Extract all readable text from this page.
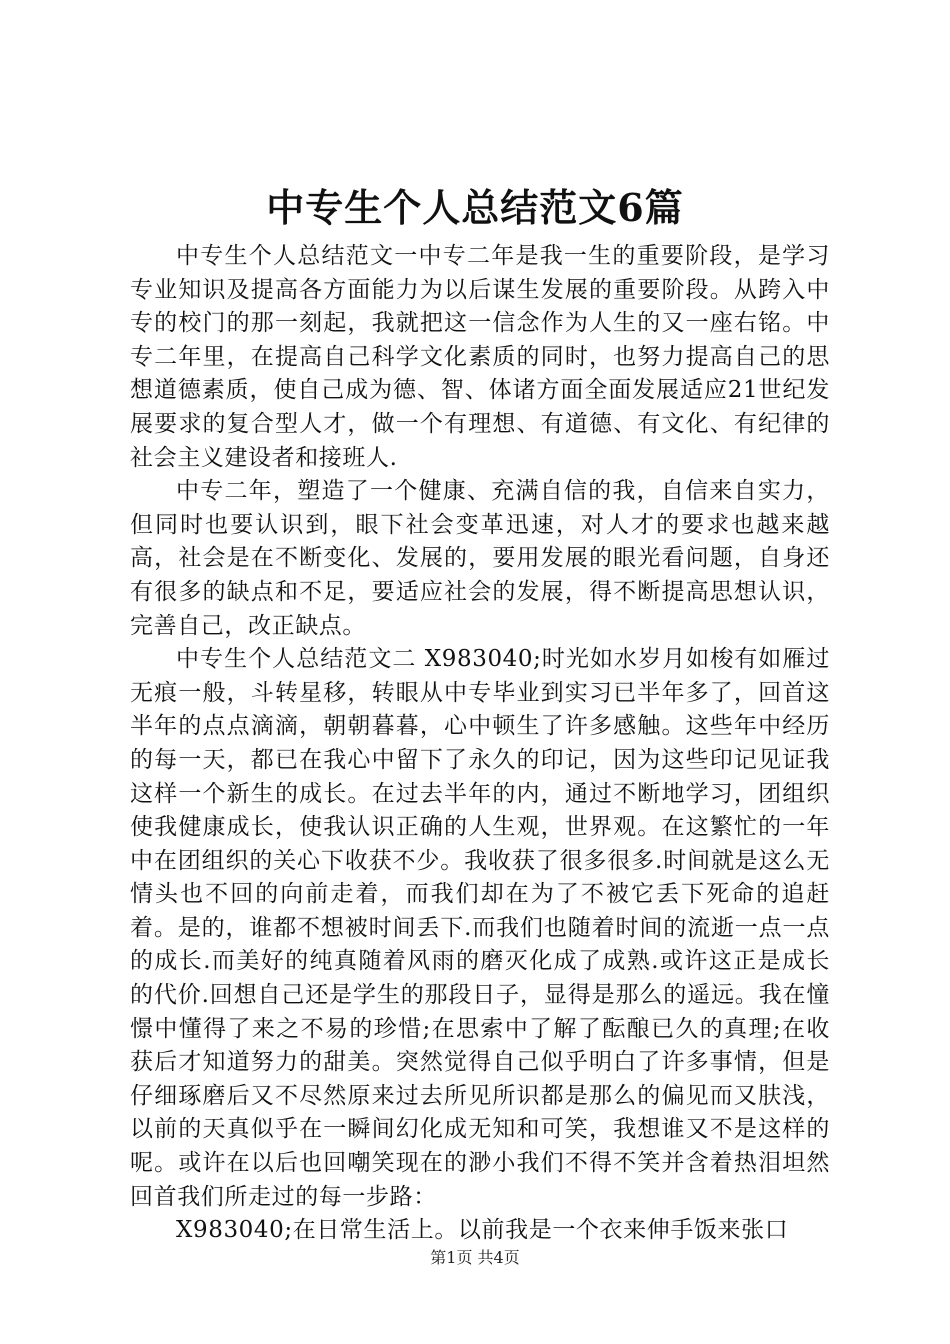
中专生个人总结范文6篇

中专生个人总结范文一中专二年是我一生的重要阶段，是学习专业知识及提高各方面能力为以后谋生发展的重要阶段。从跨入中专的校门的那一刻起，我就把这一信念作为人生的又一座右铭。中专二年里，在提高自己科学文化素质的同时，也努力提高自己的思想道德素质，使自己成为德、智、体诸方面全面发展适应21世纪发展要求的复合型人才，做一个有理想、有道德、有文化、有纪律的社会主义建设者和接班人.

中专二年，塑造了一个健康、充满自信的我，自信来自实力，但同时也要认识到，眼下社会变革迅速，对人才的要求也越来越高，社会是在不断变化、发展的，要用发展的眼光看问题，自身还有很多的缺点和不足，要适应社会的发展，得不断提高思想认识，完善自己，改正缺点。

中专生个人总结范文二 X983040;时光如水岁月如梭有如雁过无痕一般，斗转星移，转眼从中专毕业到实习已半年多了，回首这半年的点点滴滴，朝朝暮暮，心中顿生了许多感触。这些年中经历的每一天，都已在我心中留下了永久的印记，因为这些印记见证我这样一个新生的成长。在过去半年的内，通过不断地学习，团组织使我健康成长，使我认识正确的人生观，世界观。在这繁忙的一年中在团组织的关心下收获不少。我收获了很多很多.时间就是这么无情头也不回的向前走着，而我们却在为了不被它丢下死命的追赶着。是的，谁都不想被时间丢下.而我们也随着时间的流逝一点一点的成长.而美好的纯真随着风雨的磨灭化成了成熟.或许这正是成长的代价.回想自己还是学生的那段日子，显得是那么的遥远。我在憧憬中懂得了来之不易的珍惜;在思索中了解了酝酿已久的真理;在收获后才知道努力的甜美。突然觉得自己似乎明白了许多事情，但是仔细琢磨后又不尽然原来过去所见所识都是那么的偏见而又肤浅，以前的天真似乎在一瞬间幻化成无知和可笑，我想谁又不是这样的呢。或许在以后也回嘲笑现在的渺小我们不得不笑并含着热泪坦然回首我们所走过的每一步路：

X983040;在日常生活上。以前我是一个衣来伸手饭来张口

第1页 共4页
